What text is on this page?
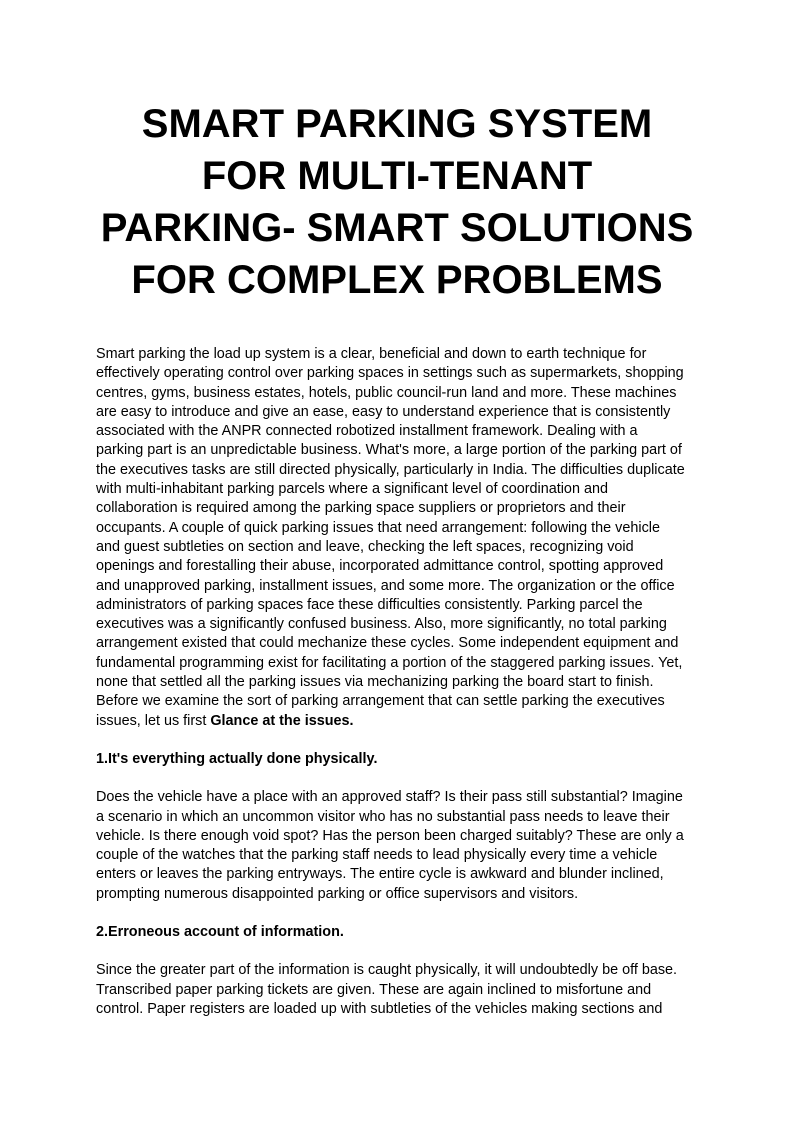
SMART PARKING SYSTEM
FOR MULTI-TENANT
PARKING- SMART SOLUTIONS
FOR COMPLEX PROBLEMS

Smart parking the load up system is a clear, beneficial and down to earth technique for
effectively operating control over parking spaces in settings such as supermarkets, shopping
centres, gyms, business estates, hotels, public council-run land and more. These machines
are easy to introduce and give an ease, easy to understand experience that is consistently
associated with the ANPR connected robotized installment framework. Dealing with a
parking part is an unpredictable business. What's more, a large portion of the parking part of
the executives tasks are still directed physically, particularly in India. The difficulties duplicate
with multi-inhabitant parking parcels where a significant level of coordination and
collaboration is required among the parking space suppliers or proprietors and their
occupants. A couple of quick parking issues that need arrangement: following the vehicle
and guest subtleties on section and leave, checking the left spaces, recognizing void
openings and forestalling their abuse, incorporated admittance control, spotting approved
and unapproved parking, installment issues, and some more. The organization or the office
administrators of parking spaces face these difficulties consistently. Parking parcel the
executives was a significantly confused business. Also, more significantly, no total parking
arrangement existed that could mechanize these cycles. Some independent equipment and
fundamental programming exist for facilitating a portion of the staggered parking issues. Yet,
none that settled all the parking issues via mechanizing parking the board start to finish.
Before we examine the sort of parking arrangement that can settle parking the executives
issues, let us first Glance at the issues.

1.It's everything actually done physically.

Does the vehicle have a place with an approved staff? Is their pass still substantial? Imagine
a scenario in which an uncommon visitor who has no substantial pass needs to leave their
vehicle. Is there enough void spot? Has the person been charged suitably? These are only a
couple of the watches that the parking staff needs to lead physically every time a vehicle
enters or leaves the parking entryways. The entire cycle is awkward and blunder inclined,
prompting numerous disappointed parking or office supervisors and visitors.

2.Erroneous account of information.

Since the greater part of the information is caught physically, it will undoubtedly be off base.
Transcribed paper parking tickets are given. These are again inclined to misfortune and
control. Paper registers are loaded up with subtleties of the vehicles making sections and
